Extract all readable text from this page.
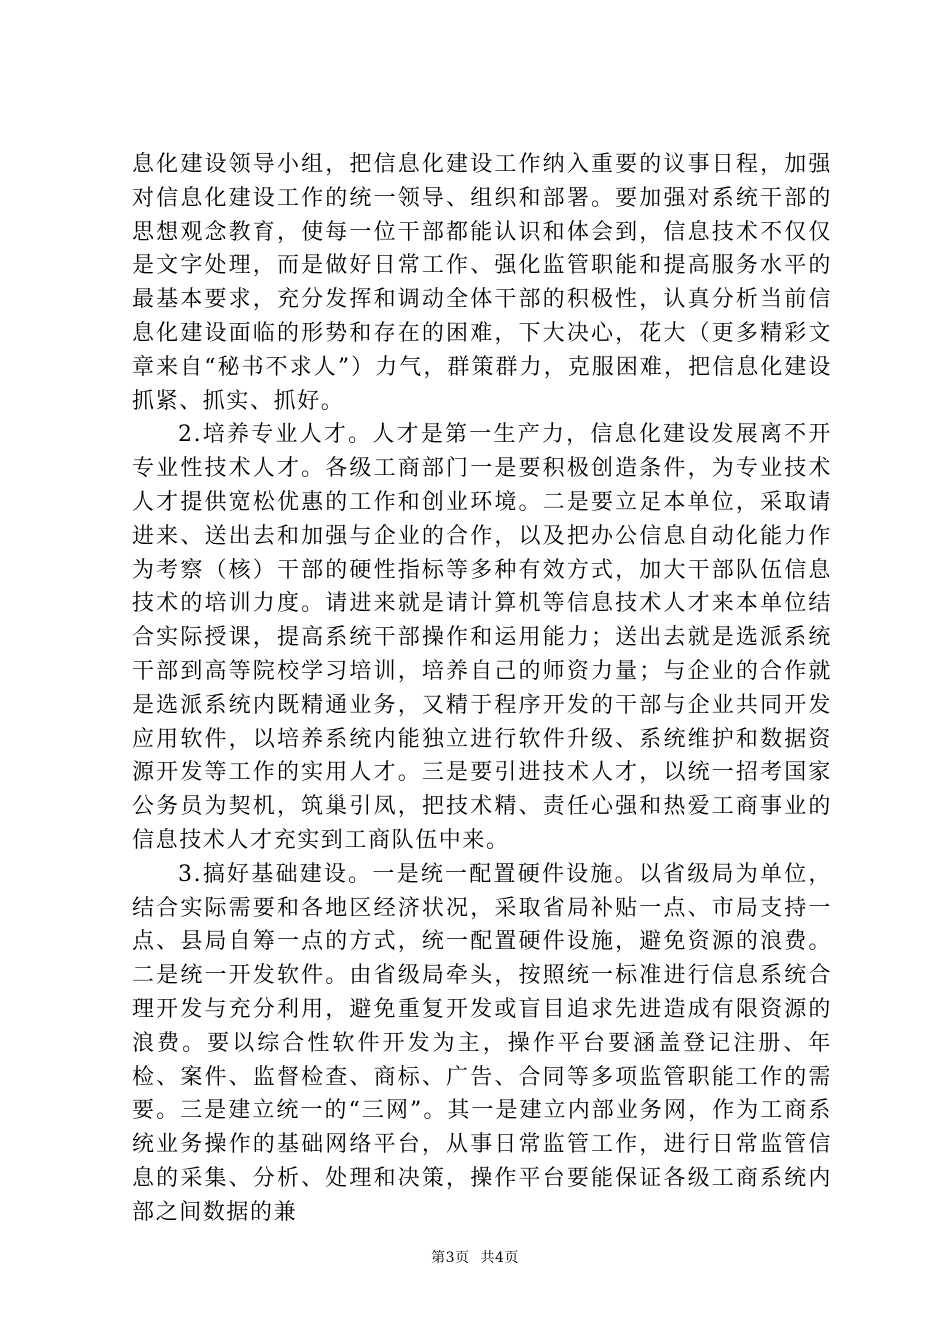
息化建设领导小组，把信息化建设工作纳入重要的议事日程，加强对信息化建设工作的统一领导、组织和部署。要加强对系统干部的思想观念教育，使每一位干部都能认识和体会到，信息技术不仅仅是文字处理，而是做好日常工作、强化监管职能和提高服务水平的最基本要求，充分发挥和调动全体干部的积极性，认真分析当前信息化建设面临的形势和存在的困难，下大决心，花大（更多精彩文章来自“秘书不求人”）力气，群策群力，克服困难，把信息化建设抓紧、抓实、抓好。

2.培养专业人才。人才是第一生产力，信息化建设发展离不开专业性技术人才。各级工商部门一是要积极创造条件，为专业技术人才提供宽松优惠的工作和创业环境。二是要立足本单位，采取请进来、送出去和加强与企业的合作，以及把办公信息自动化能力作为考察（核）干部的硬性指标等多种有效方式，加大干部队伍信息技术的培训力度。请进来就是请计算机等信息技术人才来本单位结合实际授课，提高系统干部操作和运用能力；送出去就是选派系统干部到高等院校学习培训，培养自己的师资力量；与企业的合作就是选派系统内既精通业务，又精于程序开发的干部与企业共同开发应用软件，以培养系统内能独立进行软件升级、系统维护和数据资源开发等工作的实用人才。三是要引进技术人才，以统一招考国家公务员为契机，筑巢引凤，把技术精、责任心强和热爱工商事业的信息技术人才充实到工商队伍中来。

3.搞好基础建设。一是统一配置硬件设施。以省级局为单位，结合实际需要和各地区经济状况，采取省局补贴一点、市局支持一点、县局自筹一点的方式，统一配置硬件设施，避免资源的浪费。二是统一开发软件。由省级局牵头，按照统一标准进行信息系统合理开发与充分利用，避免重复开发或盲目追求先进造成有限资源的浪费。要以综合性软件开发为主，操作平台要涵盖登记注册、年检、案件、监督检查、商标、广告、合同等多项监管职能工作的需要。三是建立统一的“三网”。其一是建立内部业务网，作为工商系统业务操作的基础网络平台，从事日常监管工作，进行日常监管信息的采集、分析、处理和决策，操作平台要能保证各级工商系统内部之间数据的兼

第3页 共4页
